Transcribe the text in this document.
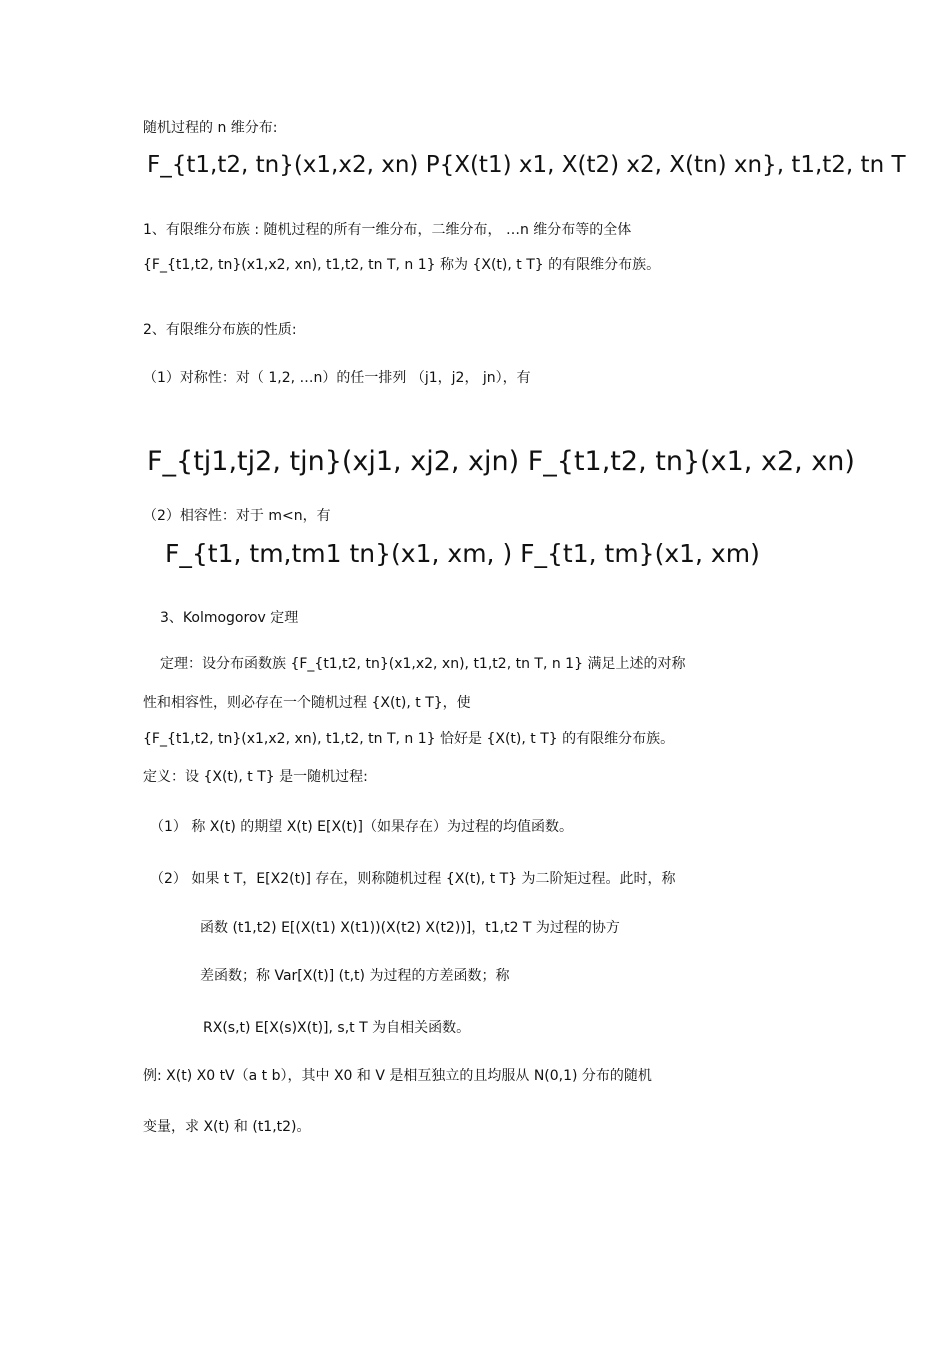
随机过程的 n 维分布:
F_{t1,t2, tn}(x1,x2, xn) P{X(t1) x1, X(t2) x2, X(tn) xn}, t1,t2, tn T
1、有限维分布族 : 随机过程的所有一维分布，二维分布， …n 维分布等的全体
{F_{t1,t2, tn}(x1,x2, xn), t1,t2, tn T, n 1} 称为 {X(t), t T} 的有限维分布族。
2、有限维分布族的性质:
（1）对称性：对（ 1,2, …n）的任一排列 （j1，j2， jn），有
F_{tj1,tj2, tjn}(xj1, xj2, xjn) F_{t1,t2, tn}(x1, x2, xn)
（2）相容性：对于 m<n，有
F_{t1, tm,tm1 tn}(x1, xm, ) F_{t1, tm}(x1, xm)
3、Kolmogorov 定理
定理：设分布函数族 {F_{t1,t2, tn}(x1,x2, xn), t1,t2, tn T, n 1} 满足上述的对称
性和相容性，则必存在一个随机过程 {X(t), t T}，使
{F_{t1,t2, tn}(x1,x2, xn), t1,t2, tn T, n 1} 恰好是 {X(t), t T} 的有限维分布族。
定义：设 {X(t), t T} 是一随机过程:
（1） 称 X(t) 的期望 X(t) E[X(t)]（如果存在）为过程的均值函数。
（2） 如果 t T，E[X2(t)] 存在，则称随机过程 {X(t), t T} 为二阶矩过程。此时，称
函数 (t1,t2) E[(X(t1) X(t1))(X(t2) X(t2))]，t1,t2 T 为过程的协方
差函数；称 Var[X(t)] (t,t) 为过程的方差函数；称
RX(s,t) E[X(s)X(t)], s,t T 为自相关函数。
例: X(t) X0 tV（a t b），其中 X0 和 V 是相互独立的且均服从 N(0,1) 分布的随机
变量，求 X(t) 和 (t1,t2)。
